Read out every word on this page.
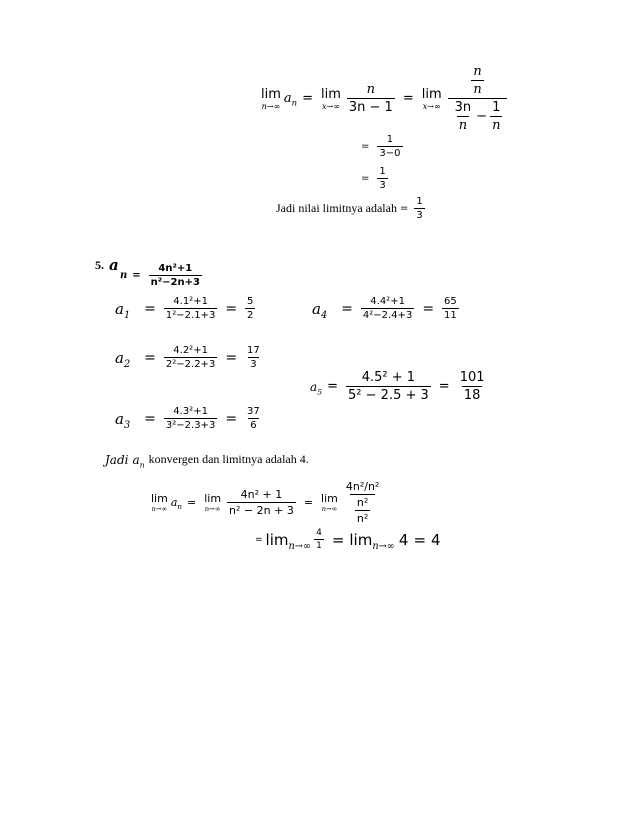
lim
n→∞ $a_n = \lim$
$x\to\infty \frac{n}{3n - 1} = \lim$
$x\to\infty \frac{\frac{n}{n}}{\frac{3n}{n} - \frac{1}{n}}$
= $\frac{1}{3-0}$
= $\frac{1}{3}$
Jadi nilai limitnya adalah = $\frac{1}{3}$
5. a
$n = \frac{\text{4n²+1}}{\text{n²−2n+3}}$
$a_1 = \frac{\text{4.1²+1}}{\text{1²−2.1+3}} = \frac{5}{2}$
$a_2 = \frac{\text{4.2²+1}}{\text{2²−2.2+3}} = \frac{17}{3}$
$a_3 = \frac{\text{4.3²+1}}{\text{3²−2.3+3}} = \frac{37}{6}$
$a_4 = \frac{\text{4.4²+1}}{\text{4²−2.4+3}} = \frac{65}{11}$
$a_5 = \frac{\text{4.5² + 1}}{\text{5² − 2.5 + 3}} = \frac{101}{18}$
Jadi $a_n$ konvergen dan limitnya adalah 4.
lim
n→∞ $a_n = \lim$
$n\to\infty \frac{\text{4n² + 1}}{\text{n² − 2n + 3}} = \lim$
$n\to\infty \frac{\text{4n²/n²}}{\frac{\text{n²}}{\text{n²}}}$
= $\lim_{n\to\infty} \frac{4}{1} = \lim_{n\to\infty} 4 = 4$
